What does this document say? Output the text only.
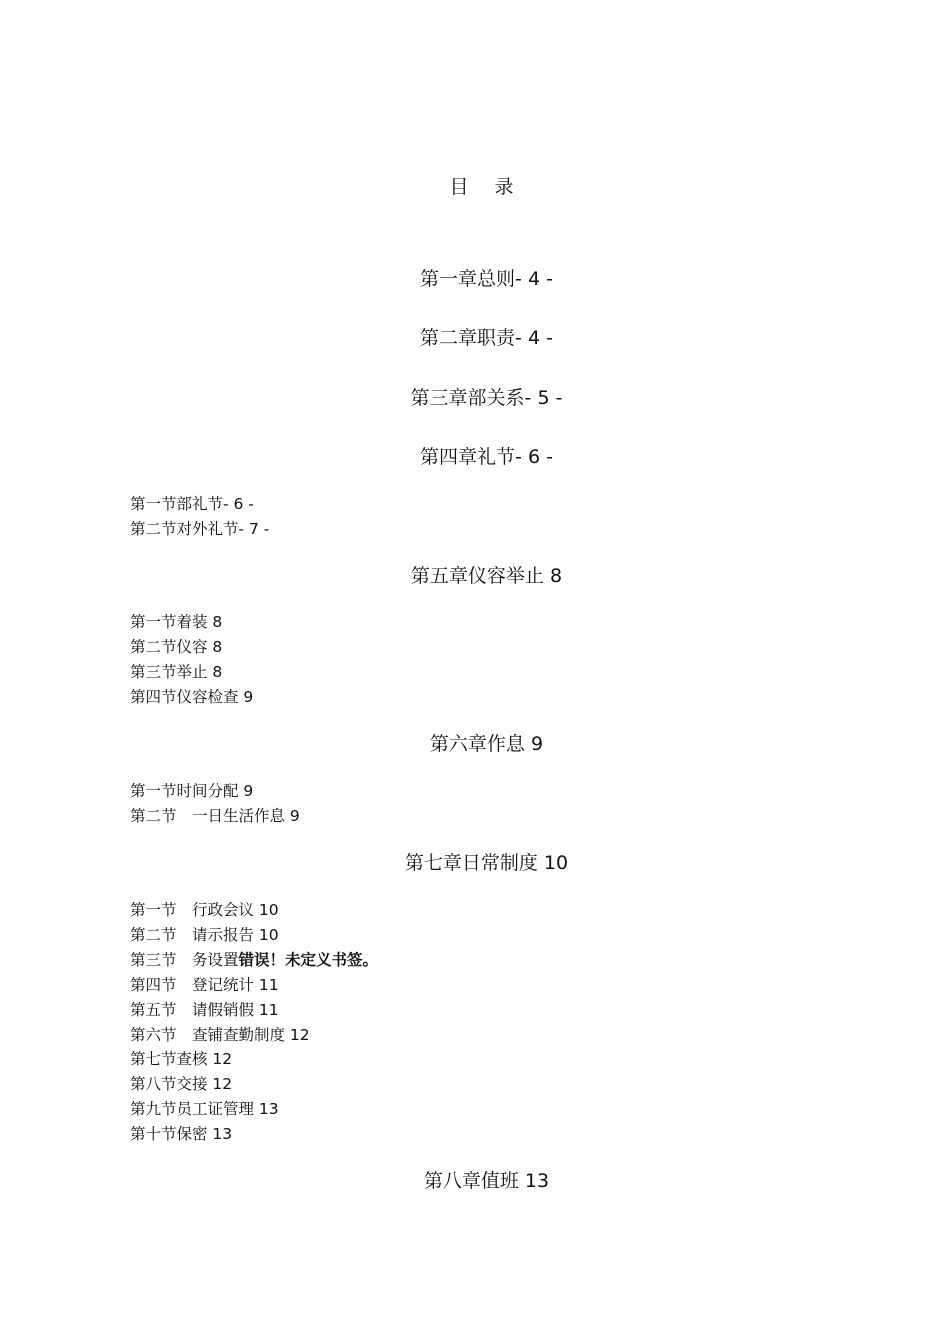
目 录
第一章总则- 4 -
第二章职责- 4 -
第三章部关系- 5 -
第四章礼节- 6 -
第一节部礼节- 6 -
第二节对外礼节- 7 -
第五章仪容举止 8
第一节着装 8
第二节仪容 8
第三节举止 8
第四节仪容检查 9
第六章作息 9
第一节时间分配 9
第二节　一日生活作息 9
第七章日常制度 10
第一节　行政会议 10
第二节　请示报告 10
第三节　务设置错误！未定义书签。
第四节　登记统计 11
第五节　请假销假 11
第六节　查铺查勤制度 12
第七节查核 12
第八节交接 12
第九节员工证管理 13
第十节保密 13
第八章值班 13
